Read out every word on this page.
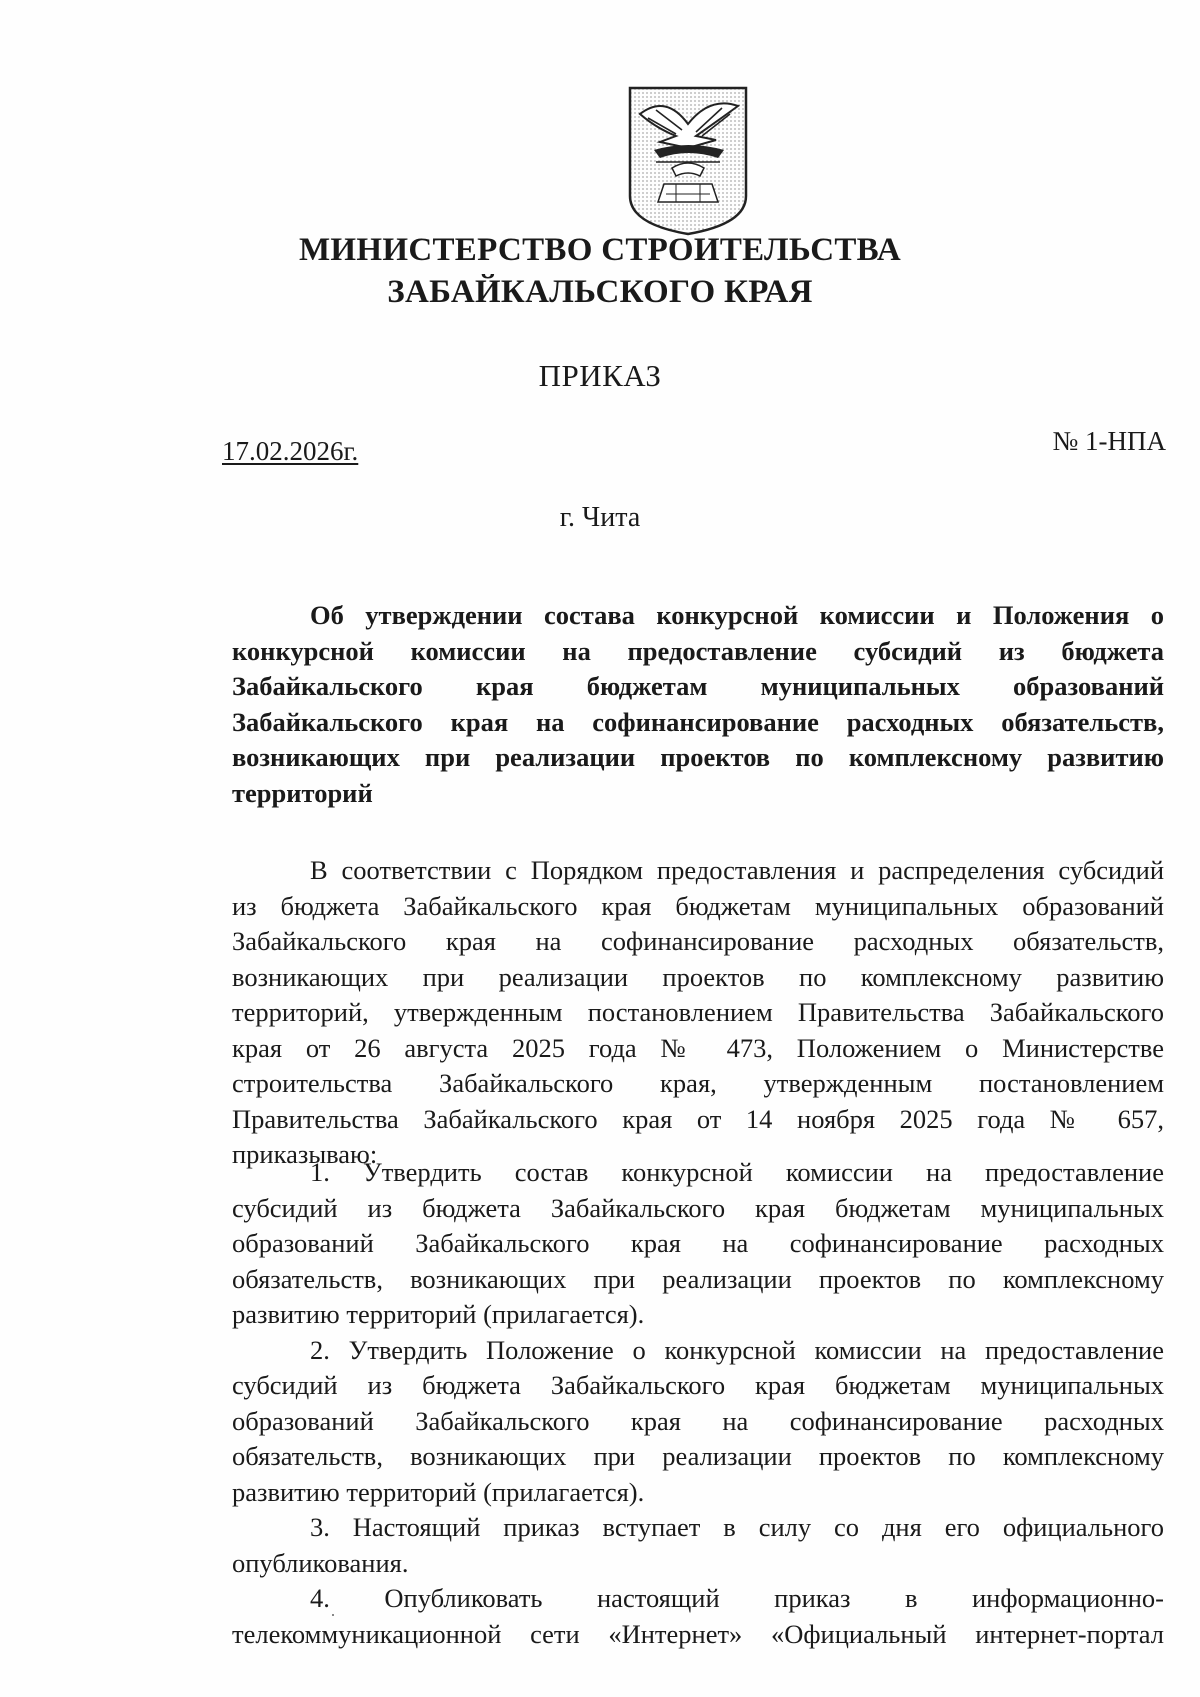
МИНИСТЕРСТВО СТРОИТЕЛЬСТВА
ЗАБАЙКАЛЬСКОГО КРАЯ
ПРИКАЗ
17.02.2026г.	№ 1-НПА
г. Чита
Об утверждении состава конкурсной комиссии и Положения о
конкурсной комиссии на предоставление субсидий из бюджета
Забайкальского края бюджетам муниципальных образований
Забайкальского края на софинансирование расходных обязательств,
возникающих при реализации проектов по комплексному развитию
территорий
В соответствии с Порядком предоставления и распределения субсидий
из бюджета Забайкальского края бюджетам муниципальных образований
Забайкальского края на софинансирование расходных обязательств,
возникающих при реализации проектов по комплексному развитию
территорий, утвержденным постановлением Правительства Забайкальского
края от 26 августа 2025 года № 473, Положением о Министерстве
строительства Забайкальского края, утвержденным постановлением
Правительства Забайкальского края от 14 ноября 2025 года № 657,
приказываю:
1. Утвердить состав конкурсной комиссии на предоставление
субсидий из бюджета Забайкальского края бюджетам муниципальных
образований Забайкальского края на софинансирование расходных
обязательств, возникающих при реализации проектов по комплексному
развитию территорий (прилагается).
2. Утвердить Положение о конкурсной комиссии на предоставление
субсидий из бюджета Забайкальского края бюджетам муниципальных
образований Забайкальского края на софинансирование расходных
обязательств, возникающих при реализации проектов по комплексному
развитию территорий (прилагается).
3. Настоящий приказ вступает в силу со дня его официального
опубликования.
4. Опубликовать настоящий приказ в информационно-
телекоммуникационной сети «Интернет» «Официальный интернет-портал
